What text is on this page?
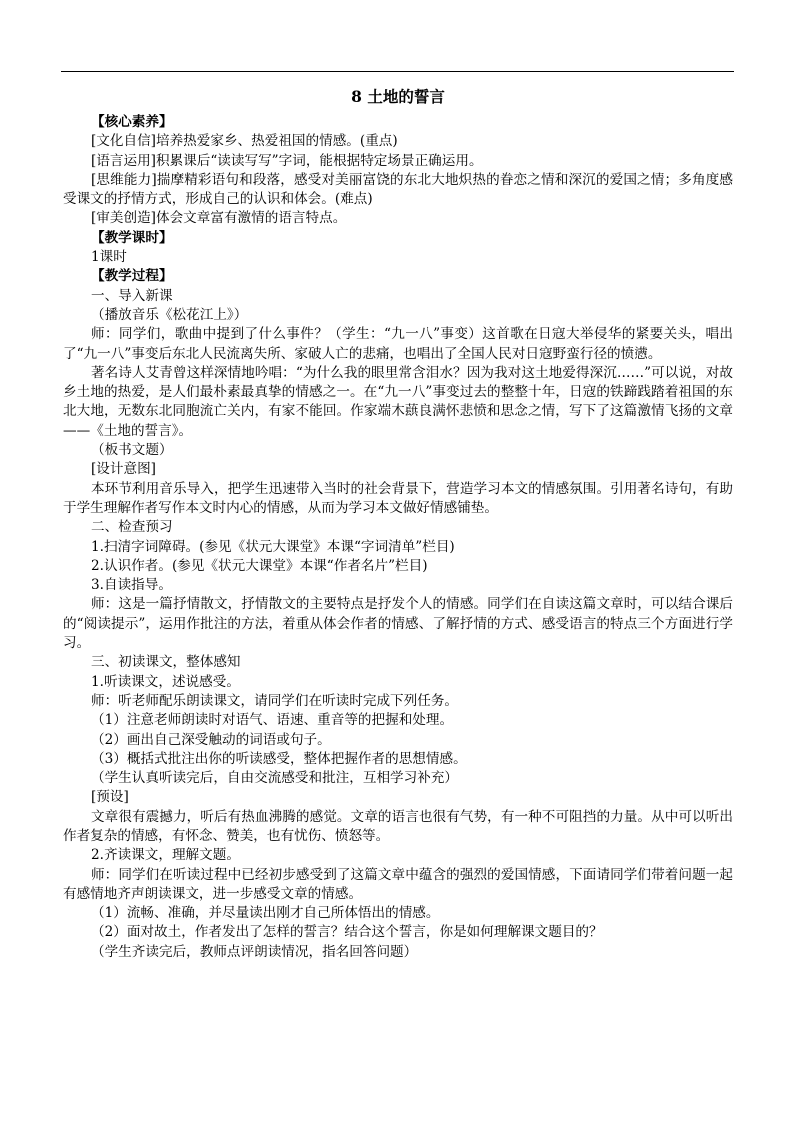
8 土地的誓言

【核心素养】

[文化自信]培养热爱家乡、热爱祖国的情感。(重点)

[语言运用]积累课后“读读写写”字词，能根据特定场景正确运用。

[思维能力]揣摩精彩语句和段落，感受对美丽富饶的东北大地炽热的眷恋之情和深沉的爱国之情；多角度感受课文的抒情方式，形成自己的认识和体会。(难点)

[审美创造]体会文章富有激情的语言特点。

【教学课时】

1课时

【教学过程】

一、导入新课

（播放音乐《松花江上》）

师：同学们，歌曲中提到了什么事件？（学生：“九一八”事变）这首歌在日寇大举侵华的紧要关头，唱出了“九一八”事变后东北人民流离失所、家破人亡的悲痛，也唱出了全国人民对日寇野蛮行径的愤懑。

著名诗人艾青曾这样深情地吟唱：“为什么我的眼里常含泪水？因为我对这土地爱得深沉……”可以说，对故乡土地的热爱，是人们最朴素最真挚的情感之一。在“九一八”事变过去的整整十年，日寇的铁蹄践踏着祖国的东北大地，无数东北同胞流亡关内，有家不能回。作家端木蕻良满怀悲愤和思念之情，写下了这篇激情飞扬的文章——《土地的誓言》。

（板书文题）

[设计意图]

本环节利用音乐导入，把学生迅速带入当时的社会背景下，营造学习本文的情感氛围。引用著名诗句，有助于学生理解作者写作本文时内心的情感，从而为学习本文做好情感铺垫。

二、检查预习

1.扫清字词障碍。(参见《状元大课堂》本课“字词清单”栏目)

2.认识作者。(参见《状元大课堂》本课“作者名片”栏目)

3.自读指导。

师：这是一篇抒情散文，抒情散文的主要特点是抒发个人的情感。同学们在自读这篇文章时，可以结合课后的“阅读提示”，运用作批注的方法，着重从体会作者的情感、了解抒情的方式、感受语言的特点三个方面进行学习。

三、初读课文，整体感知

1.听读课文，述说感受。

师：听老师配乐朗读课文，请同学们在听读时完成下列任务。

（1）注意老师朗读时对语气、语速、重音等的把握和处理。

（2）画出自己深受触动的词语或句子。

（3）概括式批注出你的听读感受，整体把握作者的思想情感。

（学生认真听读完后，自由交流感受和批注，互相学习补充）

[预设]

文章很有震撼力，听后有热血沸腾的感觉。文章的语言也很有气势，有一种不可阻挡的力量。从中可以听出作者复杂的情感，有怀念、赞美，也有忧伤、愤怒等。

2.齐读课文，理解文题。

师：同学们在听读过程中已经初步感受到了这篇文章中蕴含的强烈的爱国情感，下面请同学们带着问题一起有感情地齐声朗读课文，进一步感受文章的情感。

（1）流畅、准确，并尽量读出刚才自己所体悟出的情感。

（2）面对故土，作者发出了怎样的誓言？结合这个誓言，你是如何理解课文题目的？

（学生齐读完后，教师点评朗读情况，指名回答问题）
